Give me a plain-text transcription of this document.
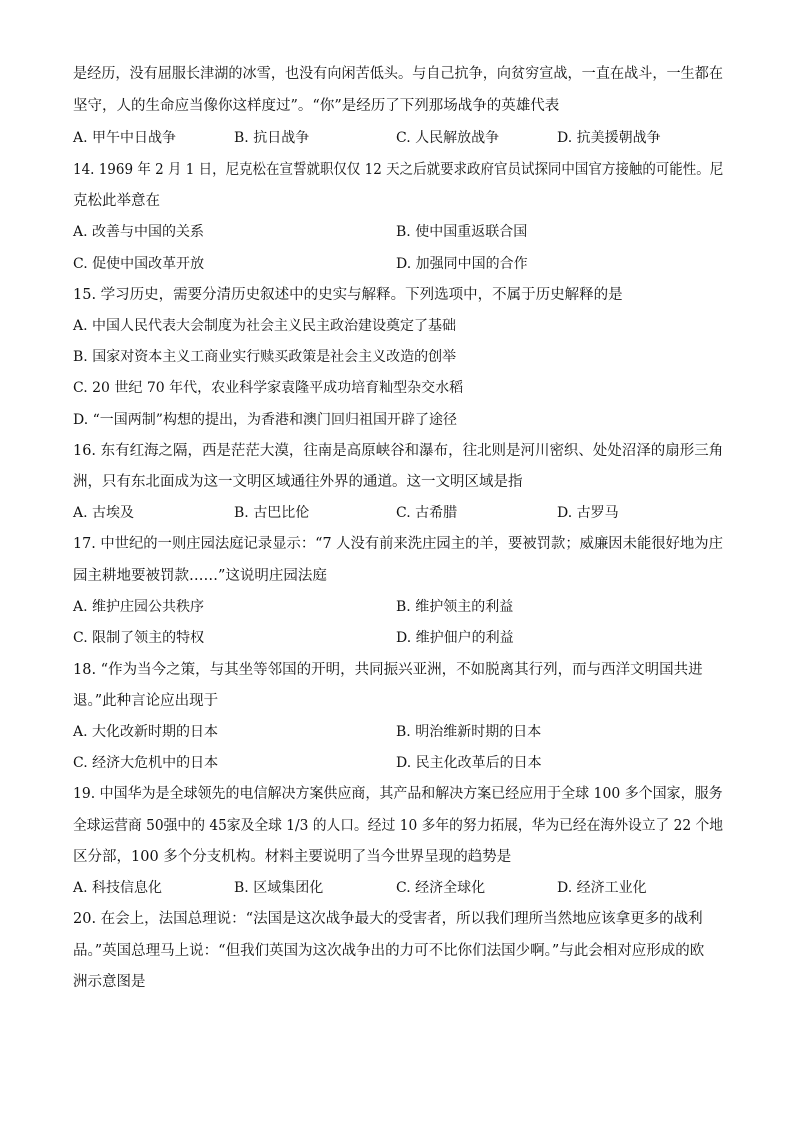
是经历，没有屈服长津湖的冰雪，也没有向闲苦低头。与自己抗争，向贫穷宣战，一直在战斗，一生都在
坚守，人的生命应当像你这样度过”。“你”是经历了下列那场战争的英雄代表
A. 甲午中日战争	B. 抗日战争	C. 人民解放战争	D. 抗美援朝战争
14. 1969 年 2 月 1 日，尼克松在宣誓就职仅仅 12 天之后就要求政府官员试探同中国官方接触的可能性。尼
克松此举意在
A. 改善与中国的关系	B. 使中国重返联合国
C. 促使中国改革开放	D. 加强同中国的合作
15. 学习历史，需要分清历史叙述中的史实与解释。下列选项中，不属于历史解释的是
A. 中国人民代表大会制度为社会主义民主政治建设奠定了基础
B. 国家对资本主义工商业实行赎买政策是社会主义改造的创举
C. 20 世纪 70 年代，农业科学家袁隆平成功培育籼型杂交水稻
D. “一国两制”构想的提出，为香港和澳门回归祖国开辟了途径
16. 东有红海之隔，西是茫茫大漠，往南是高原峡谷和瀑布，往北则是河川密织、处处沼泽的扇形三角
洲，只有东北面成为这一文明区域通往外界的通道。这一文明区域是指
A. 古埃及	B. 古巴比伦	C. 古希腊	D. 古罗马
17. 中世纪的一则庄园法庭记录显示：“7 人没有前来洗庄园主的羊，要被罚款；威廉因未能很好地为庄
园主耕地要被罚款……”这说明庄园法庭
A. 维护庄园公共秩序	B. 维护领主的利益
C. 限制了领主的特权	D. 维护佃户的利益
18. “作为当今之策，与其坐等邻国的开明，共同振兴亚洲，不如脱离其行列，而与西洋文明国共进
退。”此种言论应出现于
A. 大化改新时期的日本	B. 明治维新时期的日本
C. 经济大危机中的日本	D. 民主化改革后的日本
19. 中国华为是全球领先的电信解决方案供应商，其产品和解决方案已经应用于全球 100 多个国家，服务
全球运营商 50强中的 45家及全球 1/3 的人口。经过 10 多年的努力拓展，华为已经在海外设立了 22 个地
区分部，100 多个分支机构。材料主要说明了当今世界呈现的趋势是
A. 科技信息化	B. 区域集团化	C. 经济全球化	D. 经济工业化
20. 在会上，法国总理说：“法国是这次战争最大的受害者，所以我们理所当然地应该拿更多的战利
品。”英国总理马上说：“但我们英国为这次战争出的力可不比你们法国少啊。”与此会相对应形成的欧
洲示意图是
